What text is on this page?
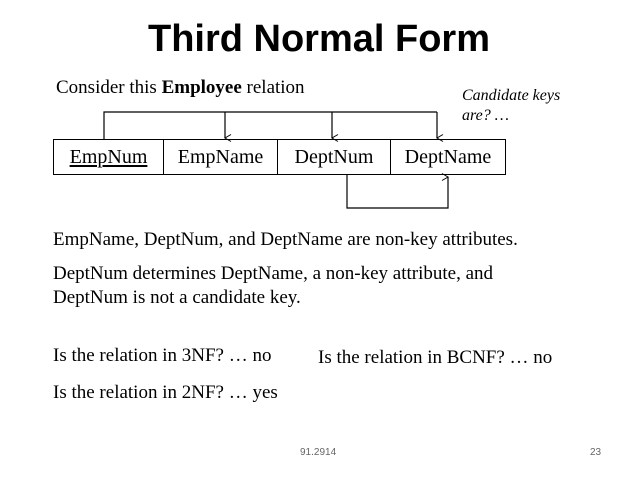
Third Normal Form
Consider this Employee relation	Candidate keys
are? …
EmpNum EmpName DeptNum DeptName
EmpName, DeptNum, and DeptName are non-key attributes.
DeptNum determines DeptName, a non-key attribute, and
DeptNum is not a candidate key.
Is the relation in 3NF? … no Is the relation in BCNF? … no
Is the relation in 2NF? … yes
91.2914	23
